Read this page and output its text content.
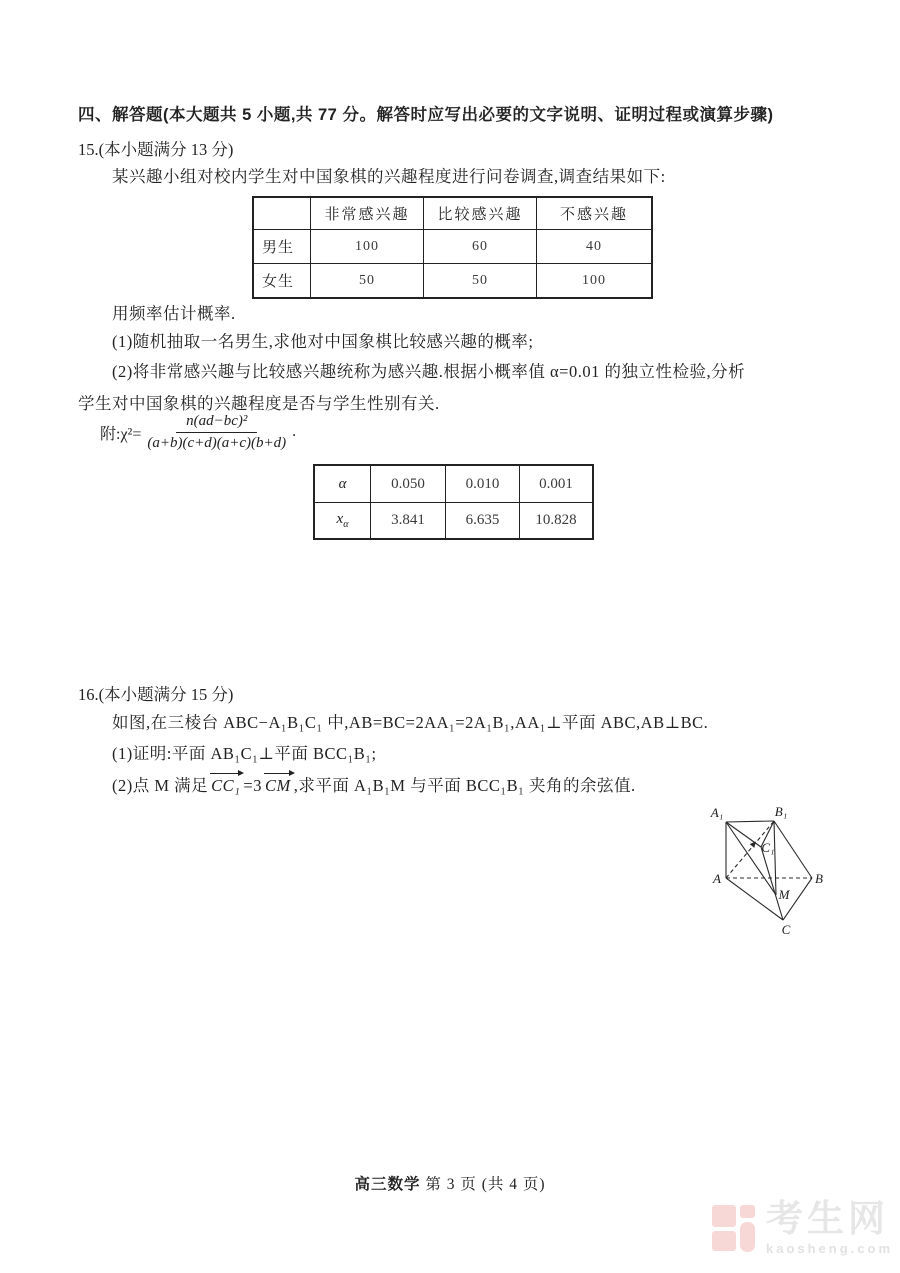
四、解答题(本大题共 5 小题,共 77 分。解答时应写出必要的文字说明、证明过程或演算步骤)
15.(本小题满分 13 分)
某兴趣小组对校内学生对中国象棋的兴趣程度进行问卷调查,调查结果如下:
	非常感兴趣	比较感兴趣	不感兴趣
男生	100	60	40
女生	50	50	100
用频率估计概率.
(1)随机抽取一名男生,求他对中国象棋比较感兴趣的概率;
(2)将非常感兴趣与比较感兴趣统称为感兴趣.根据小概率值 α=0.01 的独立性检验,分析
学生对中国象棋的兴趣程度是否与学生性别有关.
附:χ²= $\frac{\text{n(ad−bc)²}}{(a+b)(c+d)(a+c)(b+d)}$ .
α	0.050	0.010	0.001
$x_\alpha$	3.841	6.635	10.828
16.(本小题满分 15 分)
如图,在三棱台 ABC−A₁B₁C₁ 中,AB=BC=2AA₁=2A₁B₁,AA₁⊥平面 ABC,AB⊥BC.
(1)证明:平面 AB₁C₁⊥平面 BCC₁B₁;
(2)点 M 满足 CC₁ =3 CM ,求平面 A₁B₁M 与平面 BCC₁B₁ 夹角的余弦值.
A₁	B₁
C₁
A	B
M
C
高三数学 第 3 页 (共 4 页)
考生网
kaosheng.com
